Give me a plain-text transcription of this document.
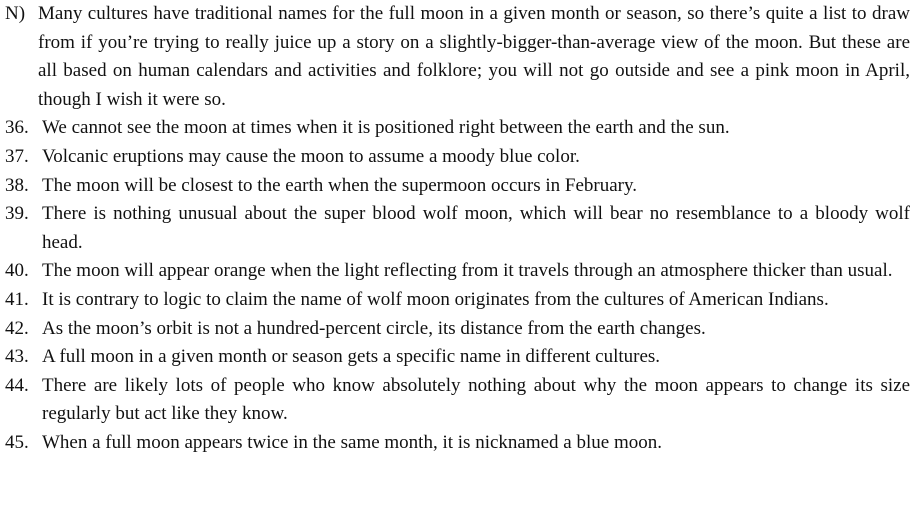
N) Many cultures have traditional names for the full moon in a given month or season, so there’s quite a list to draw from if you’re trying to really juice up a story on a slightly-bigger-than-average view of the moon. But these are all based on human calendars and activities and folklore; you will not go outside and see a pink moon in April, though I wish it were so.
36. We cannot see the moon at times when it is positioned right between the earth and the sun.
37. Volcanic eruptions may cause the moon to assume a moody blue color.
38. The moon will be closest to the earth when the supermoon occurs in February.
39. There is nothing unusual about the super blood wolf moon, which will bear no resemblance to a bloody wolf head.
40. The moon will appear orange when the light reflecting from it travels through an atmosphere thicker than usual.
41. It is contrary to logic to claim the name of wolf moon originates from the cultures of American Indians.
42. As the moon’s orbit is not a hundred-percent circle, its distance from the earth changes.
43. A full moon in a given month or season gets a specific name in different cultures.
44. There are likely lots of people who know absolutely nothing about why the moon appears to change its size regularly but act like they know.
45. When a full moon appears twice in the same month, it is nicknamed a blue moon.
